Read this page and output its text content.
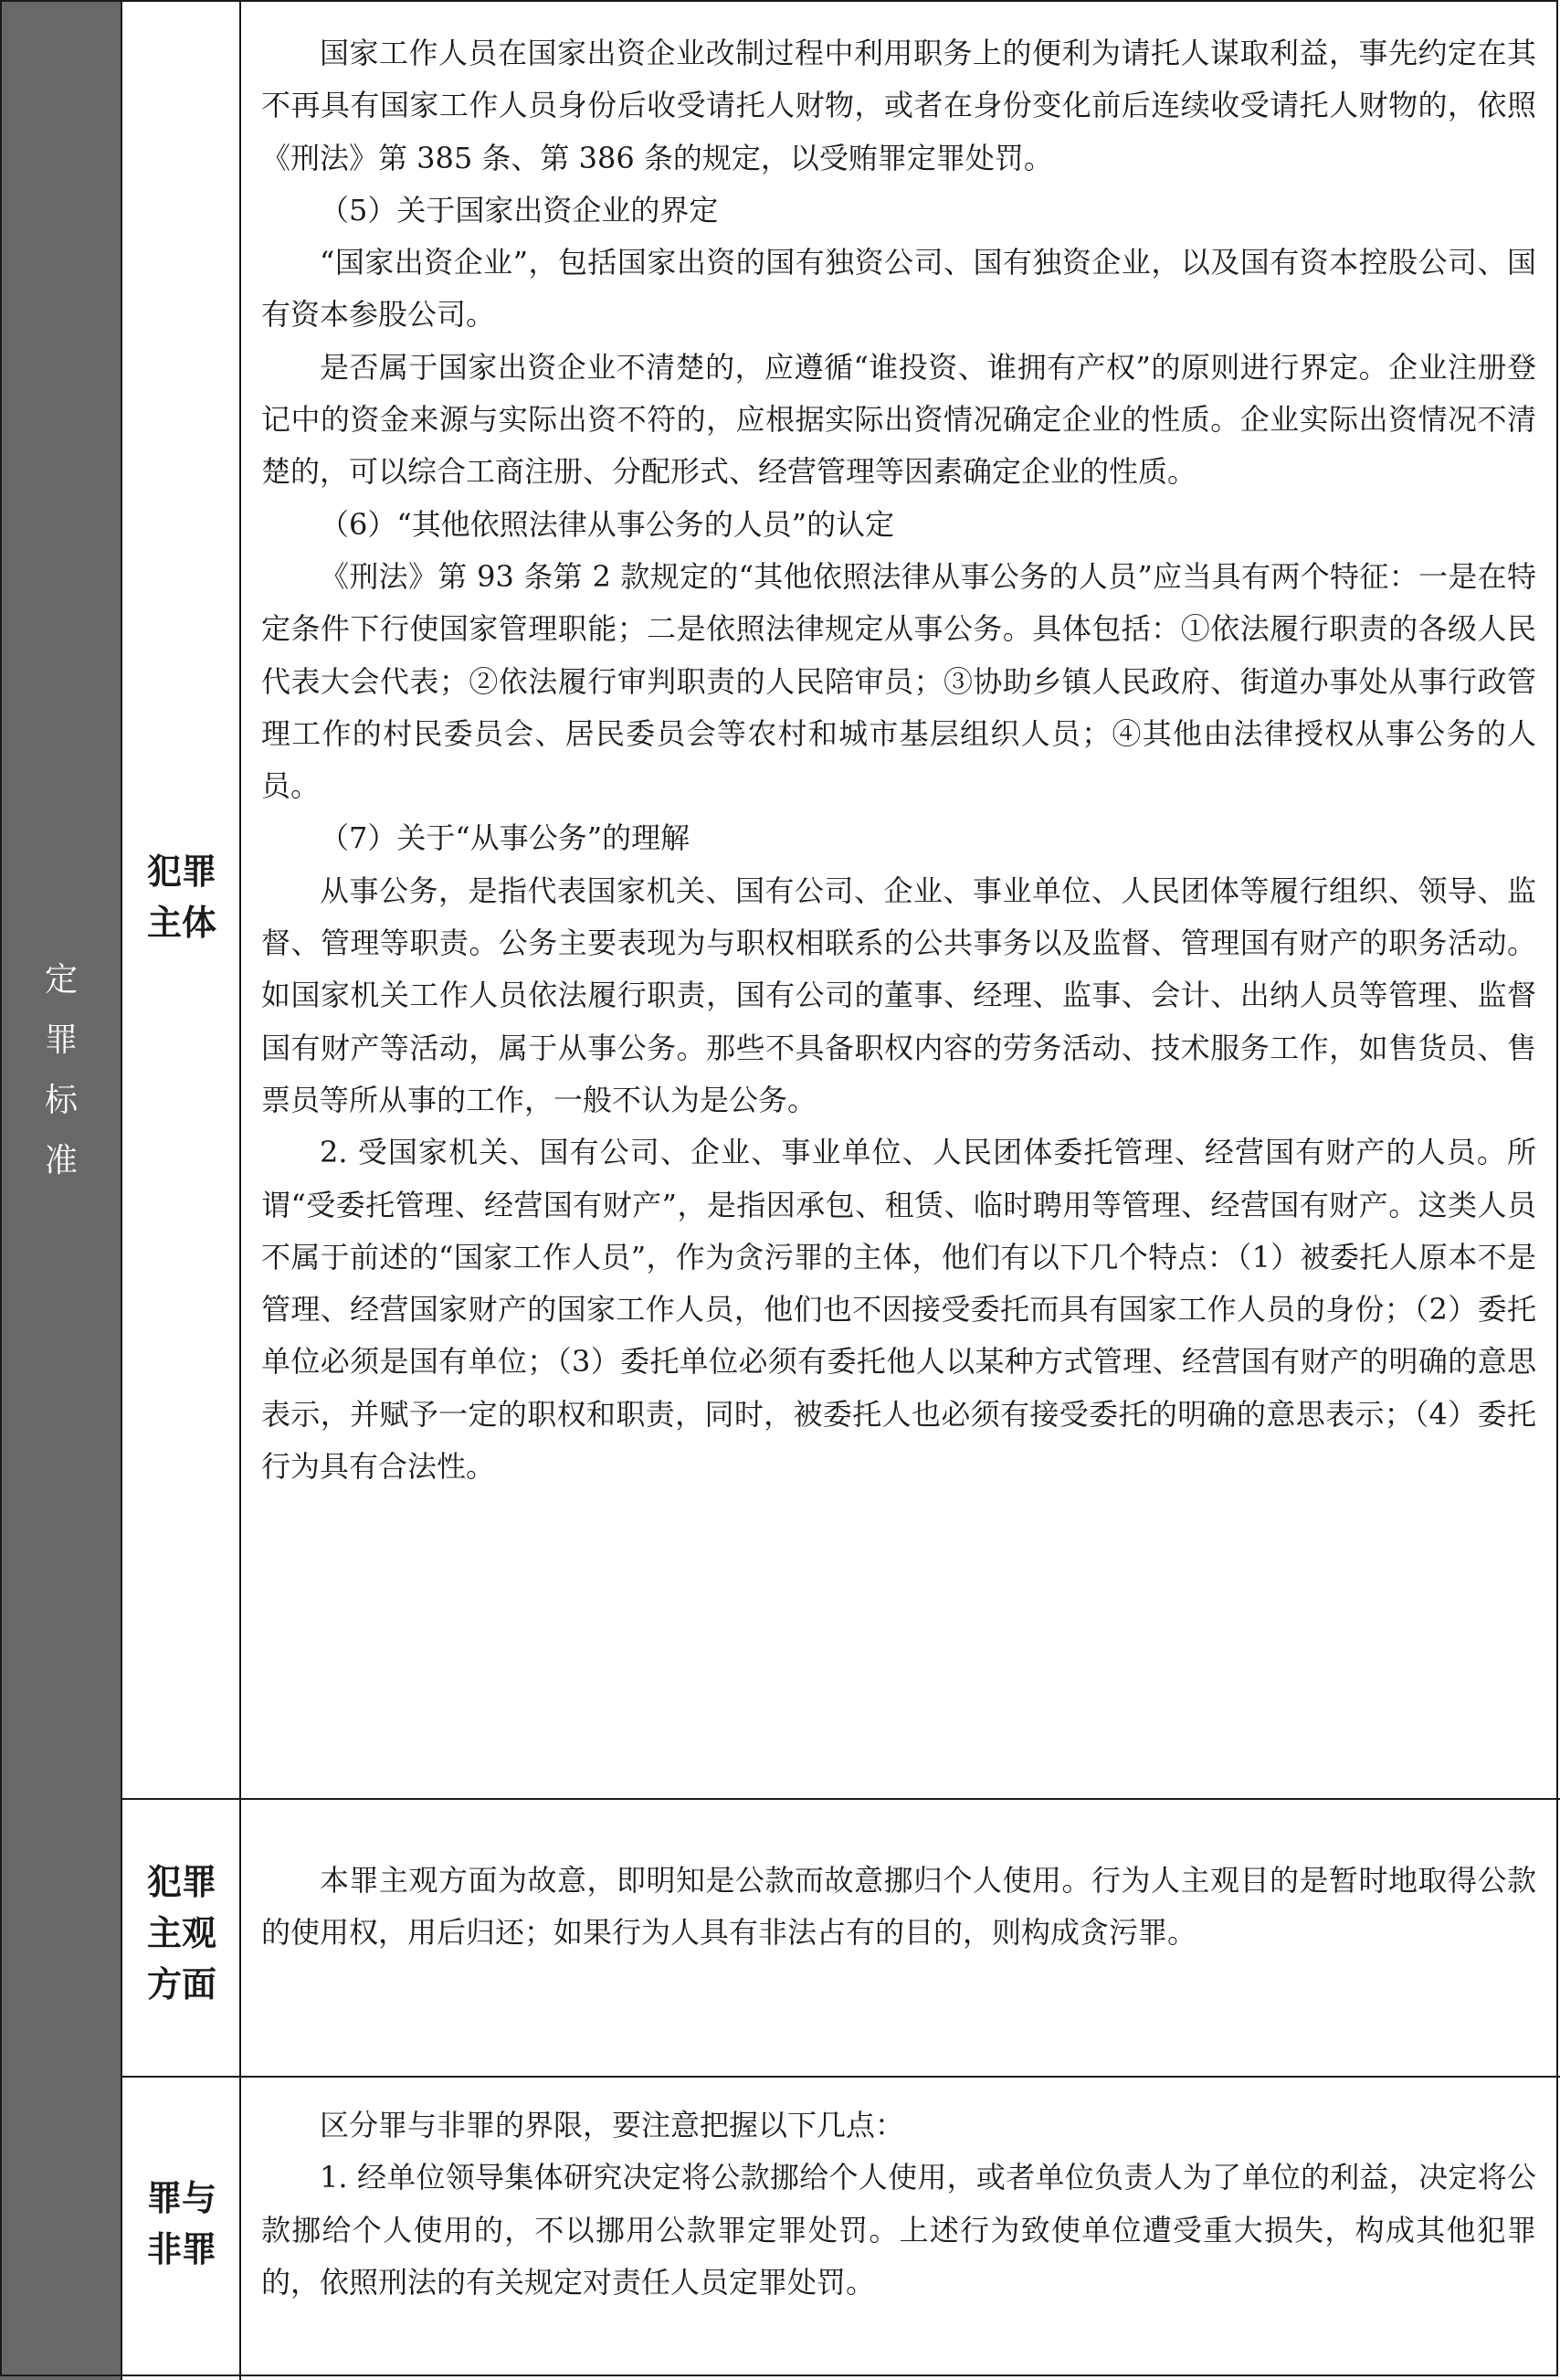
定
罪
标
准
犯罪
主体

国家工作人员在国家出资企业改制过程中利用职务上的便利为请托人谋取利益，事先约定在其不再具有国家工作人员身份后收受请托人财物，或者在身份变化前后连续收受请托人财物的，依照《刑法》第 385 条、第 386 条的规定，以受贿罪定罪处罚。

（5）关于国家出资企业的界定

“国家出资企业”，包括国家出资的国有独资公司、国有独资企业，以及国有资本控股公司、国有资本参股公司。

是否属于国家出资企业不清楚的，应遵循“谁投资、谁拥有产权”的原则进行界定。企业注册登记中的资金来源与实际出资不符的，应根据实际出资情况确定企业的性质。企业实际出资情况不清楚的，可以综合工商注册、分配形式、经营管理等因素确定企业的性质。

（6）“其他依照法律从事公务的人员”的认定

《刑法》第 93 条第 2 款规定的“其他依照法律从事公务的人员”应当具有两个特征：一是在特定条件下行使国家管理职能；二是依照法律规定从事公务。具体包括：①依法履行职责的各级人民代表大会代表；②依法履行审判职责的人民陪审员；③协助乡镇人民政府、街道办事处从事行政管理工作的村民委员会、居民委员会等农村和城市基层组织人员；④其他由法律授权从事公务的人员。

（7）关于“从事公务”的理解

从事公务，是指代表国家机关、国有公司、企业、事业单位、人民团体等履行组织、领导、监督、管理等职责。公务主要表现为与职权相联系的公共事务以及监督、管理国有财产的职务活动。如国家机关工作人员依法履行职责，国有公司的董事、经理、监事、会计、出纳人员等管理、监督国有财产等活动，属于从事公务。那些不具备职权内容的劳务活动、技术服务工作，如售货员、售票员等所从事的工作，一般不认为是公务。

2. 受国家机关、国有公司、企业、事业单位、人民团体委托管理、经营国有财产的人员。所谓“受委托管理、经营国有财产”，是指因承包、租赁、临时聘用等管理、经营国有财产。这类人员不属于前述的“国家工作人员”，作为贪污罪的主体，他们有以下几个特点：（1）被委托人原本不是管理、经营国家财产的国家工作人员，他们也不因接受委托而具有国家工作人员的身份；（2）委托单位必须是国有单位；（3）委托单位必须有委托他人以某种方式管理、经营国有财产的明确的意思表示，并赋予一定的职权和职责，同时，被委托人也必须有接受委托的明确的意思表示；（4）委托行为具有合法性。

犯罪
主观
方面

本罪主观方面为故意，即明知是公款而故意挪归个人使用。行为人主观目的是暂时地取得公款的使用权，用后归还；如果行为人具有非法占有的目的，则构成贪污罪。

罪与
非罪

区分罪与非罪的界限，要注意把握以下几点：

1. 经单位领导集体研究决定将公款挪给个人使用，或者单位负责人为了单位的利益，决定将公款挪给个人使用的，不以挪用公款罪定罪处罚。上述行为致使单位遭受重大损失，构成其他犯罪的，依照刑法的有关规定对责任人员定罪处罚。
